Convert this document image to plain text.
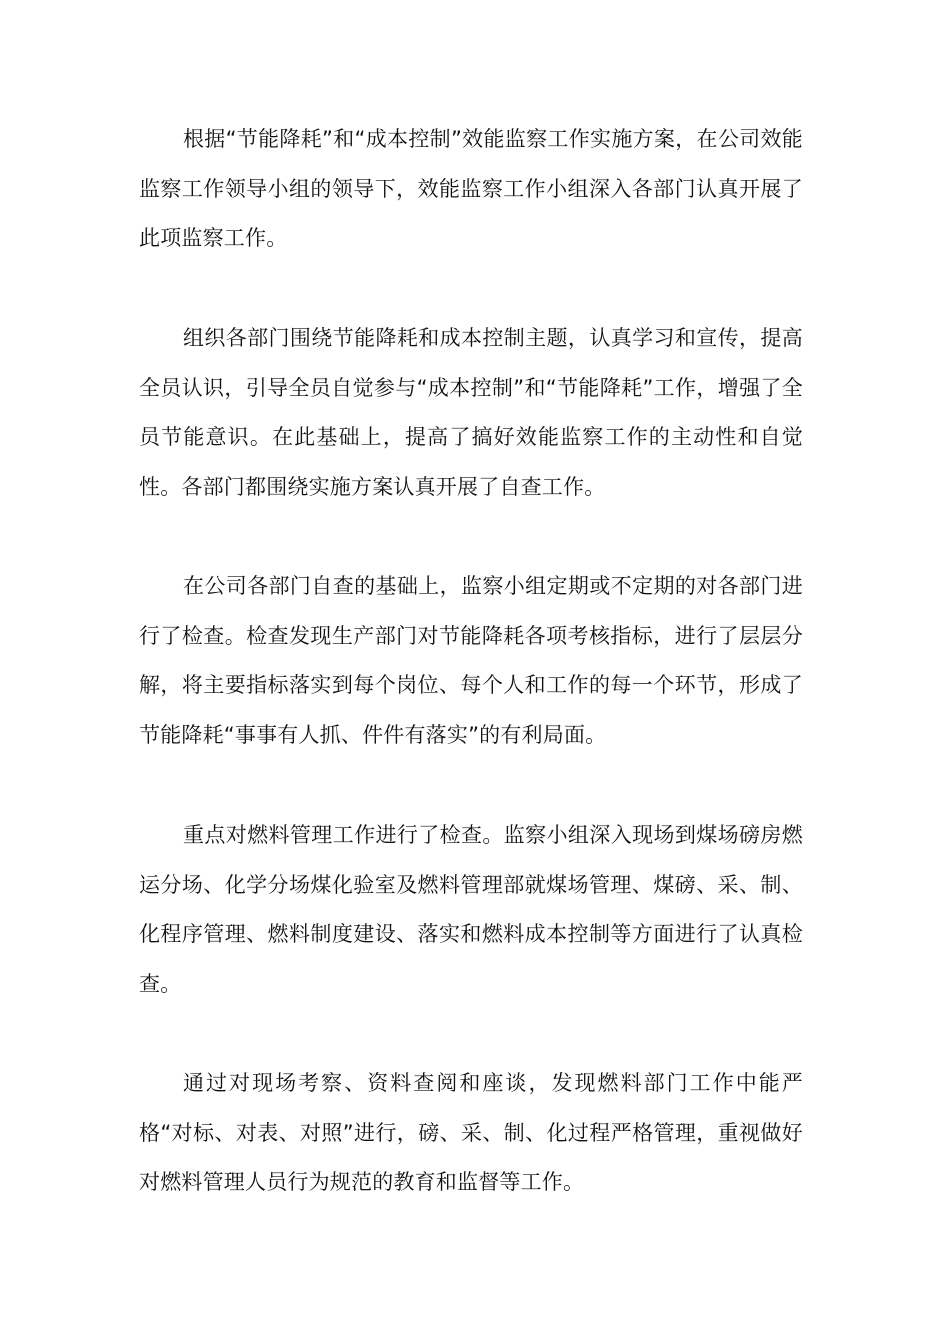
根据“节能降耗”和“成本控制”效能监察工作实施方案，在公司效能监察工作领导小组的领导下，效能监察工作小组深入各部门认真开展了此项监察工作。

组织各部门围绕节能降耗和成本控制主题，认真学习和宣传，提高全员认识，引导全员自觉参与“成本控制”和“节能降耗”工作，增强了全员节能意识。在此基础上，提高了搞好效能监察工作的主动性和自觉性。各部门都围绕实施方案认真开展了自查工作。

在公司各部门自查的基础上，监察小组定期或不定期的对各部门进行了检查。检查发现生产部门对节能降耗各项考核指标，进行了层层分解，将主要指标落实到每个岗位、每个人和工作的每一个环节，形成了节能降耗“事事有人抓、件件有落实”的有利局面。

重点对燃料管理工作进行了检查。监察小组深入现场到煤场磅房燃运分场、化学分场煤化验室及燃料管理部就煤场管理、煤磅、采、制、化程序管理、燃料制度建设、落实和燃料成本控制等方面进行了认真检查。

通过对现场考察、资料查阅和座谈，发现燃料部门工作中能严格“对标、对表、对照”进行，磅、采、制、化过程严格管理，重视做好对燃料管理人员行为规范的教育和监督等工作。
